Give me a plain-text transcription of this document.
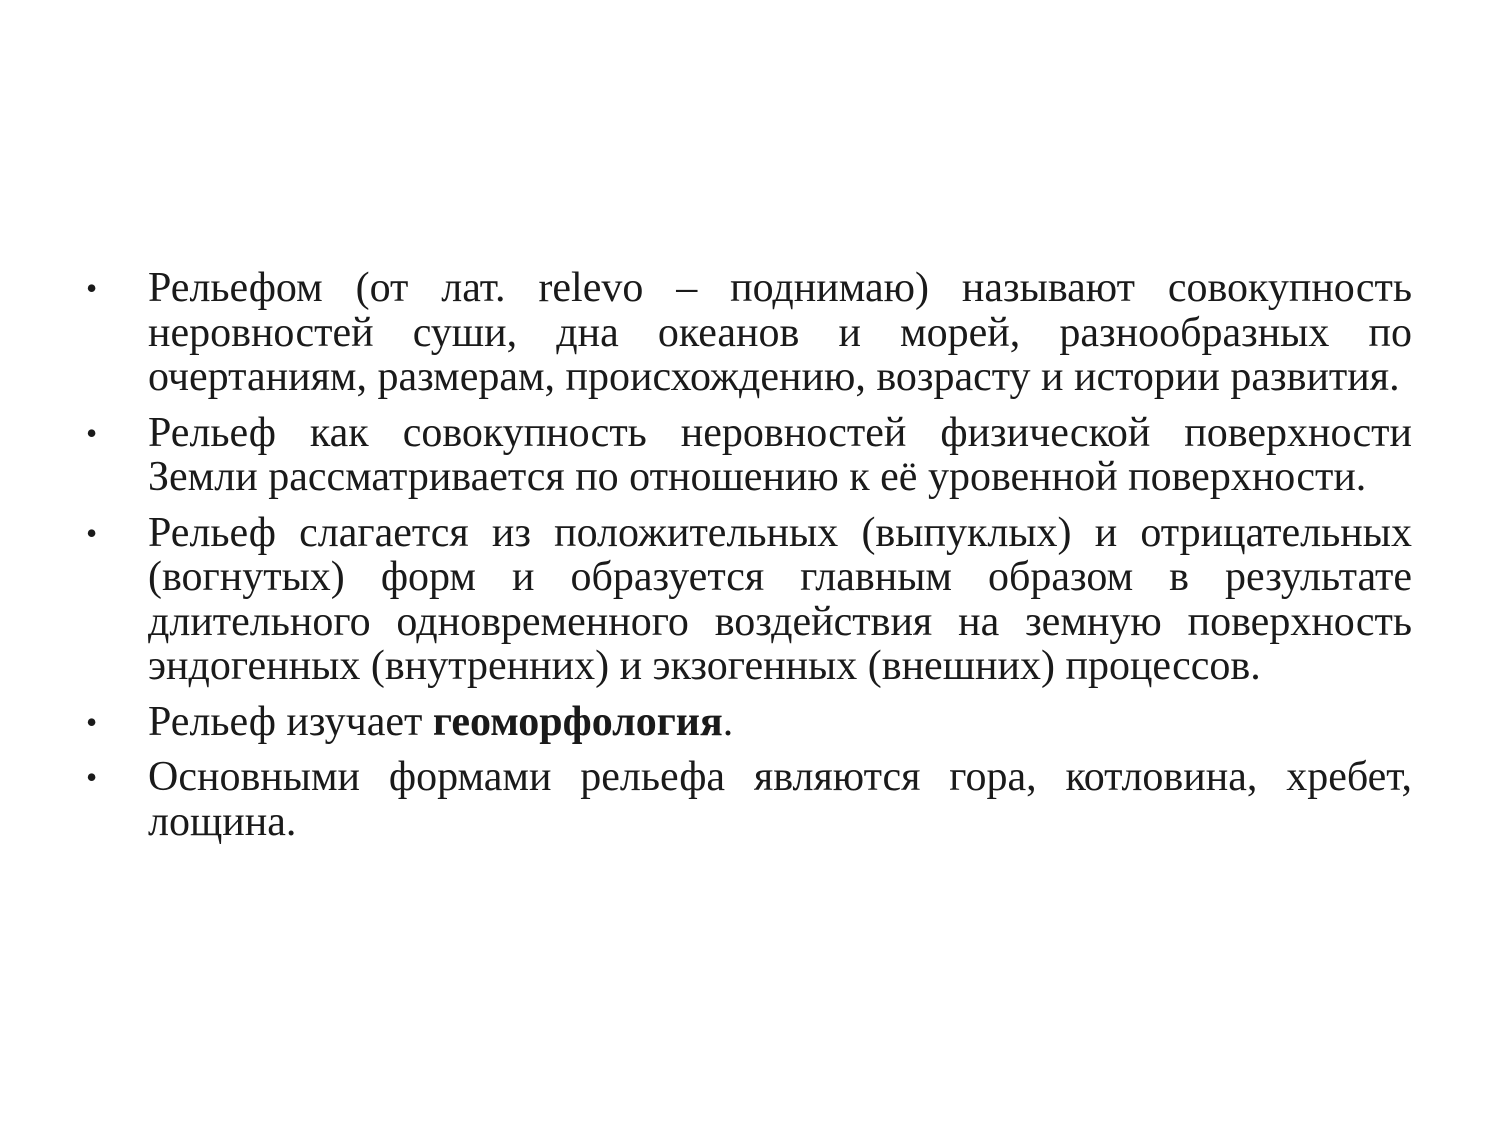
• Рельефом (от лат. relevo – поднимаю) называют совокупность неровностей суши, дна океанов и морей, разнообразных по очертаниям, размерам, происхождению, возрасту и истории развития.
• Рельеф как совокупность неровностей физической поверхности Земли рассматривается по отношению к её уровенной поверхности.
• Рельеф слагается из положительных (выпуклых) и отрицательных (вогнутых) форм и образуется главным образом в результате длительного одновременного воздействия на земную поверхность эндогенных (внутренних) и экзогенных (внешних) процессов.
• Рельеф изучает геоморфология.
• Основными формами рельефа являются гора, котловина, хребет, лощина.
